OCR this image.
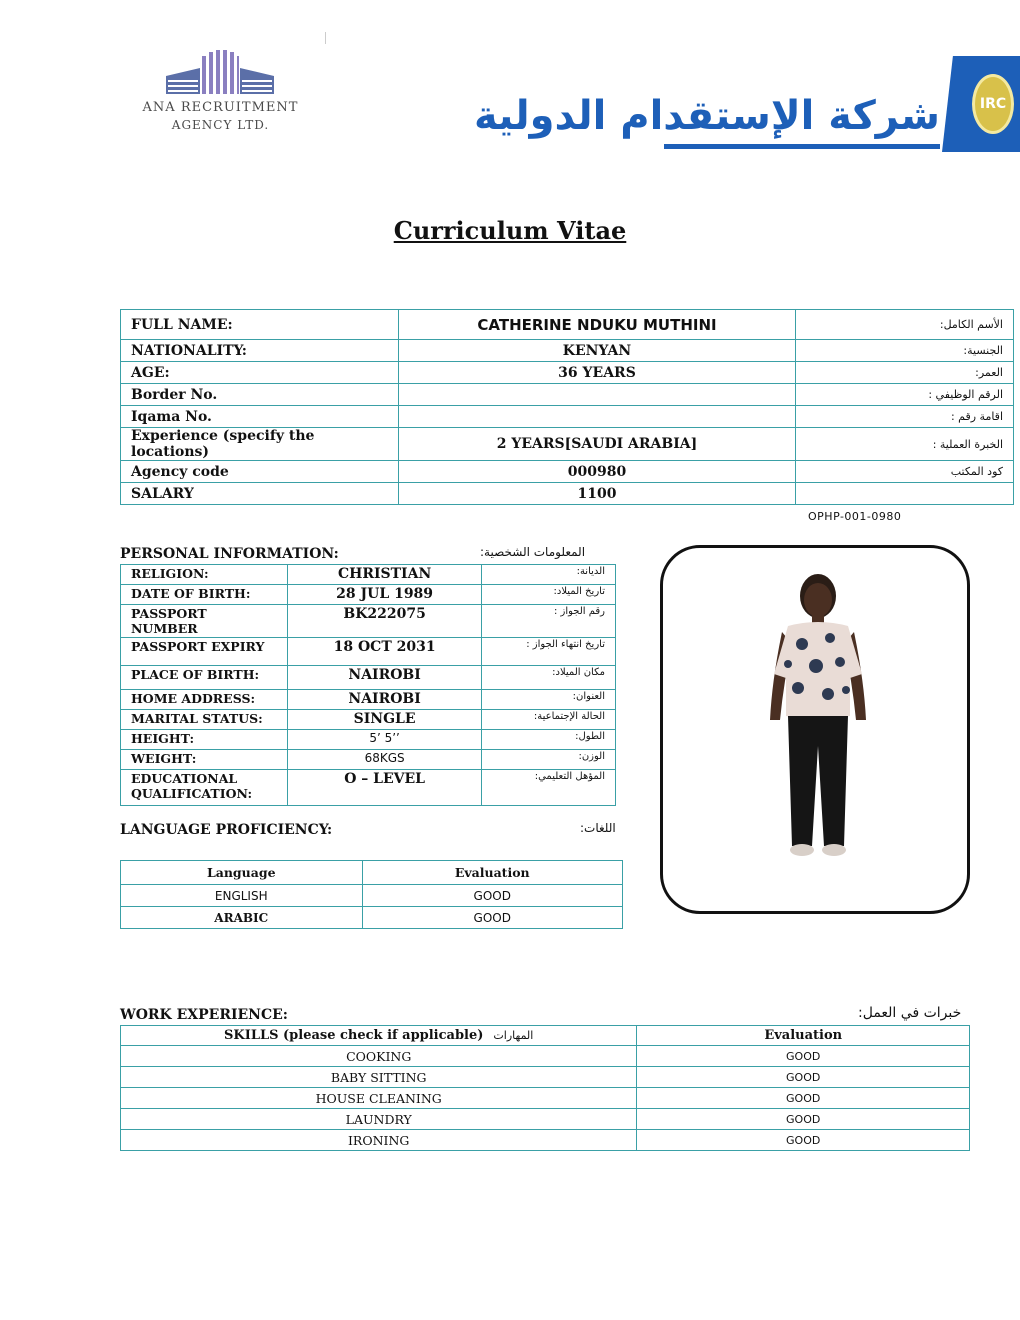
ANA RECRUITMENT
AGENCY LTD.	شركة الإستقدام الدولية	IRC
Curriculum Vitae
FULL NAME:	CATHERINE NDUKU MUTHINI	الأسم الكامل:
NATIONALITY:	KENYAN	الجنسية:
AGE:	36 YEARS	العمر:
Border No.		الرقم الوظيفي :
Iqama No.		اقامة رقم :
Experience (specify the locations)	2 YEARS[SAUDI ARABIA]	الخبرة العملية :
Agency code	000980	كود المكتب
SALARY	1100	
OPHP-001-0980
PERSONAL INFORMATION:	المعلومات الشخصية:
RELIGION:	CHRISTIAN	الديانة:
DATE OF BIRTH:	28 JUL 1989	تاريخ الميلاد:
PASSPORT NUMBER	BK222075	رقم الجواز :
PASSPORT EXPIRY	18 OCT 2031	تاريخ انتهاء الجواز :
PLACE OF BIRTH:	NAIROBI	مكان الميلاد:
HOME ADDRESS:	NAIROBI	العنوان:
MARITAL STATUS:	SINGLE	الحالة الإجتماعية:
HEIGHT:	5’ 5’’	الطول:
WEIGHT:	68KGS	الوزن:
EDUCATIONAL QUALIFICATION:	O – LEVEL	المؤهل التعليمي:
LANGUAGE PROFICIENCY:	اللغات:
Language	Evaluation
ENGLISH	GOOD
ARABIC	GOOD
WORK EXPERIENCE:	خبرات في العمل:
SKILLS (please check if applicable) المهارات	Evaluation
COOKING	GOOD
BABY SITTING	GOOD
HOUSE CLEANING	GOOD
LAUNDRY	GOOD
IRONING	GOOD
